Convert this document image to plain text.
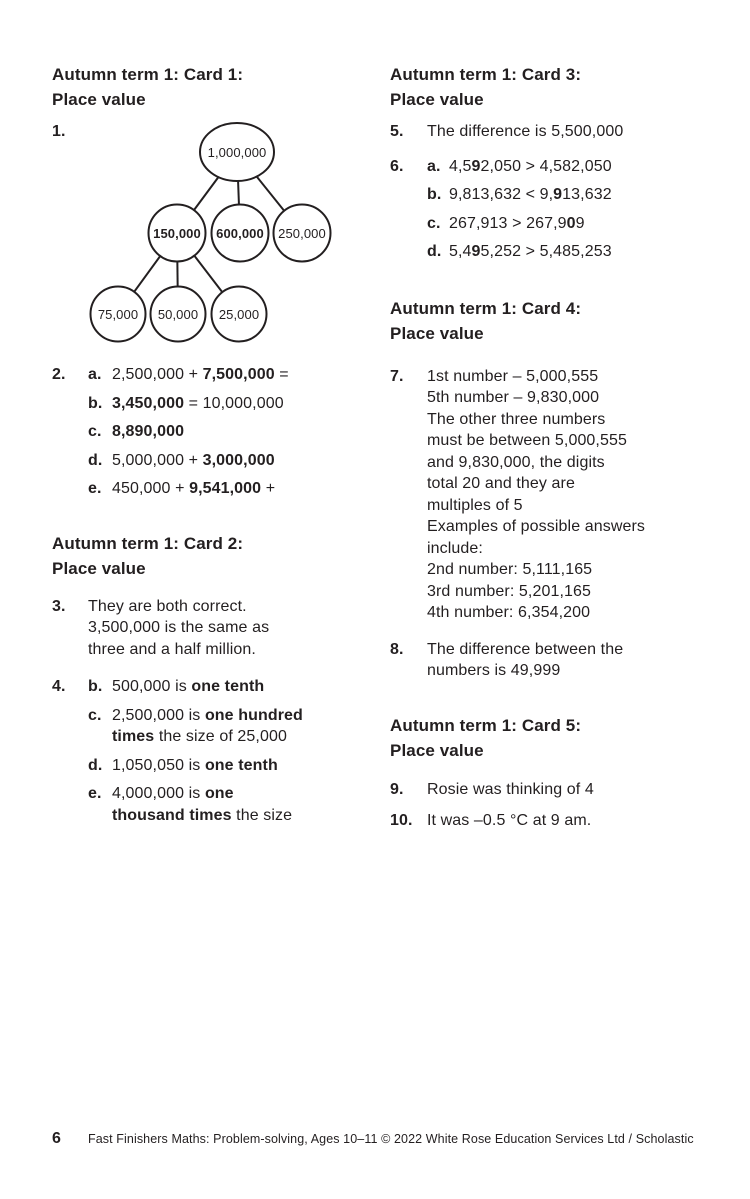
Autumn term 1: Card 1:
Place value
1.
1,000,000
150,000 600,000 250,000
75,000 50,000 25,000
2.	a. 2,500,000 + 7,500,000 =
b. 3,450,000 = 10,000,000
c. 8,890,000
d. 5,000,000 + 3,000,000
e. 450,000 + 9,541,000 +
Autumn term 1: Card 2:
Place value
3.	They are both correct.
3,500,000 is the same as
three and a half million.
4.	b. 500,000 is one tenth
c. 2,500,000 is one hundred
times the size of 25,000
d. 1,050,050 is one tenth
e. 4,000,000 is one
thousand times the size
Autumn term 1: Card 3:
Place value
5.	The difference is 5,500,000
6.	a. 4,592,050 > 4,582,050
b. 9,813,632 < 9,913,632
c. 267,913 > 267,909
d. 5,495,252 > 5,485,253
Autumn term 1: Card 4:
Place value
7.	1st number – 5,000,555
5th number – 9,830,000
The other three numbers
must be between 5,000,555
and 9,830,000, the digits
total 20 and they are
multiples of 5
Examples of possible answers
include:
2nd number: 5,111,165
3rd number: 5,201,165
4th number: 6,354,200
8.	The difference between the
numbers is 49,999
Autumn term 1: Card 5:
Place value
9.	Rosie was thinking of 4
10. It was –0.5 °C at 9 am.
6	Fast Finishers Maths: Problem-solving, Ages 10–11 © 2022 White Rose Education Services Ltd / Scholastic
